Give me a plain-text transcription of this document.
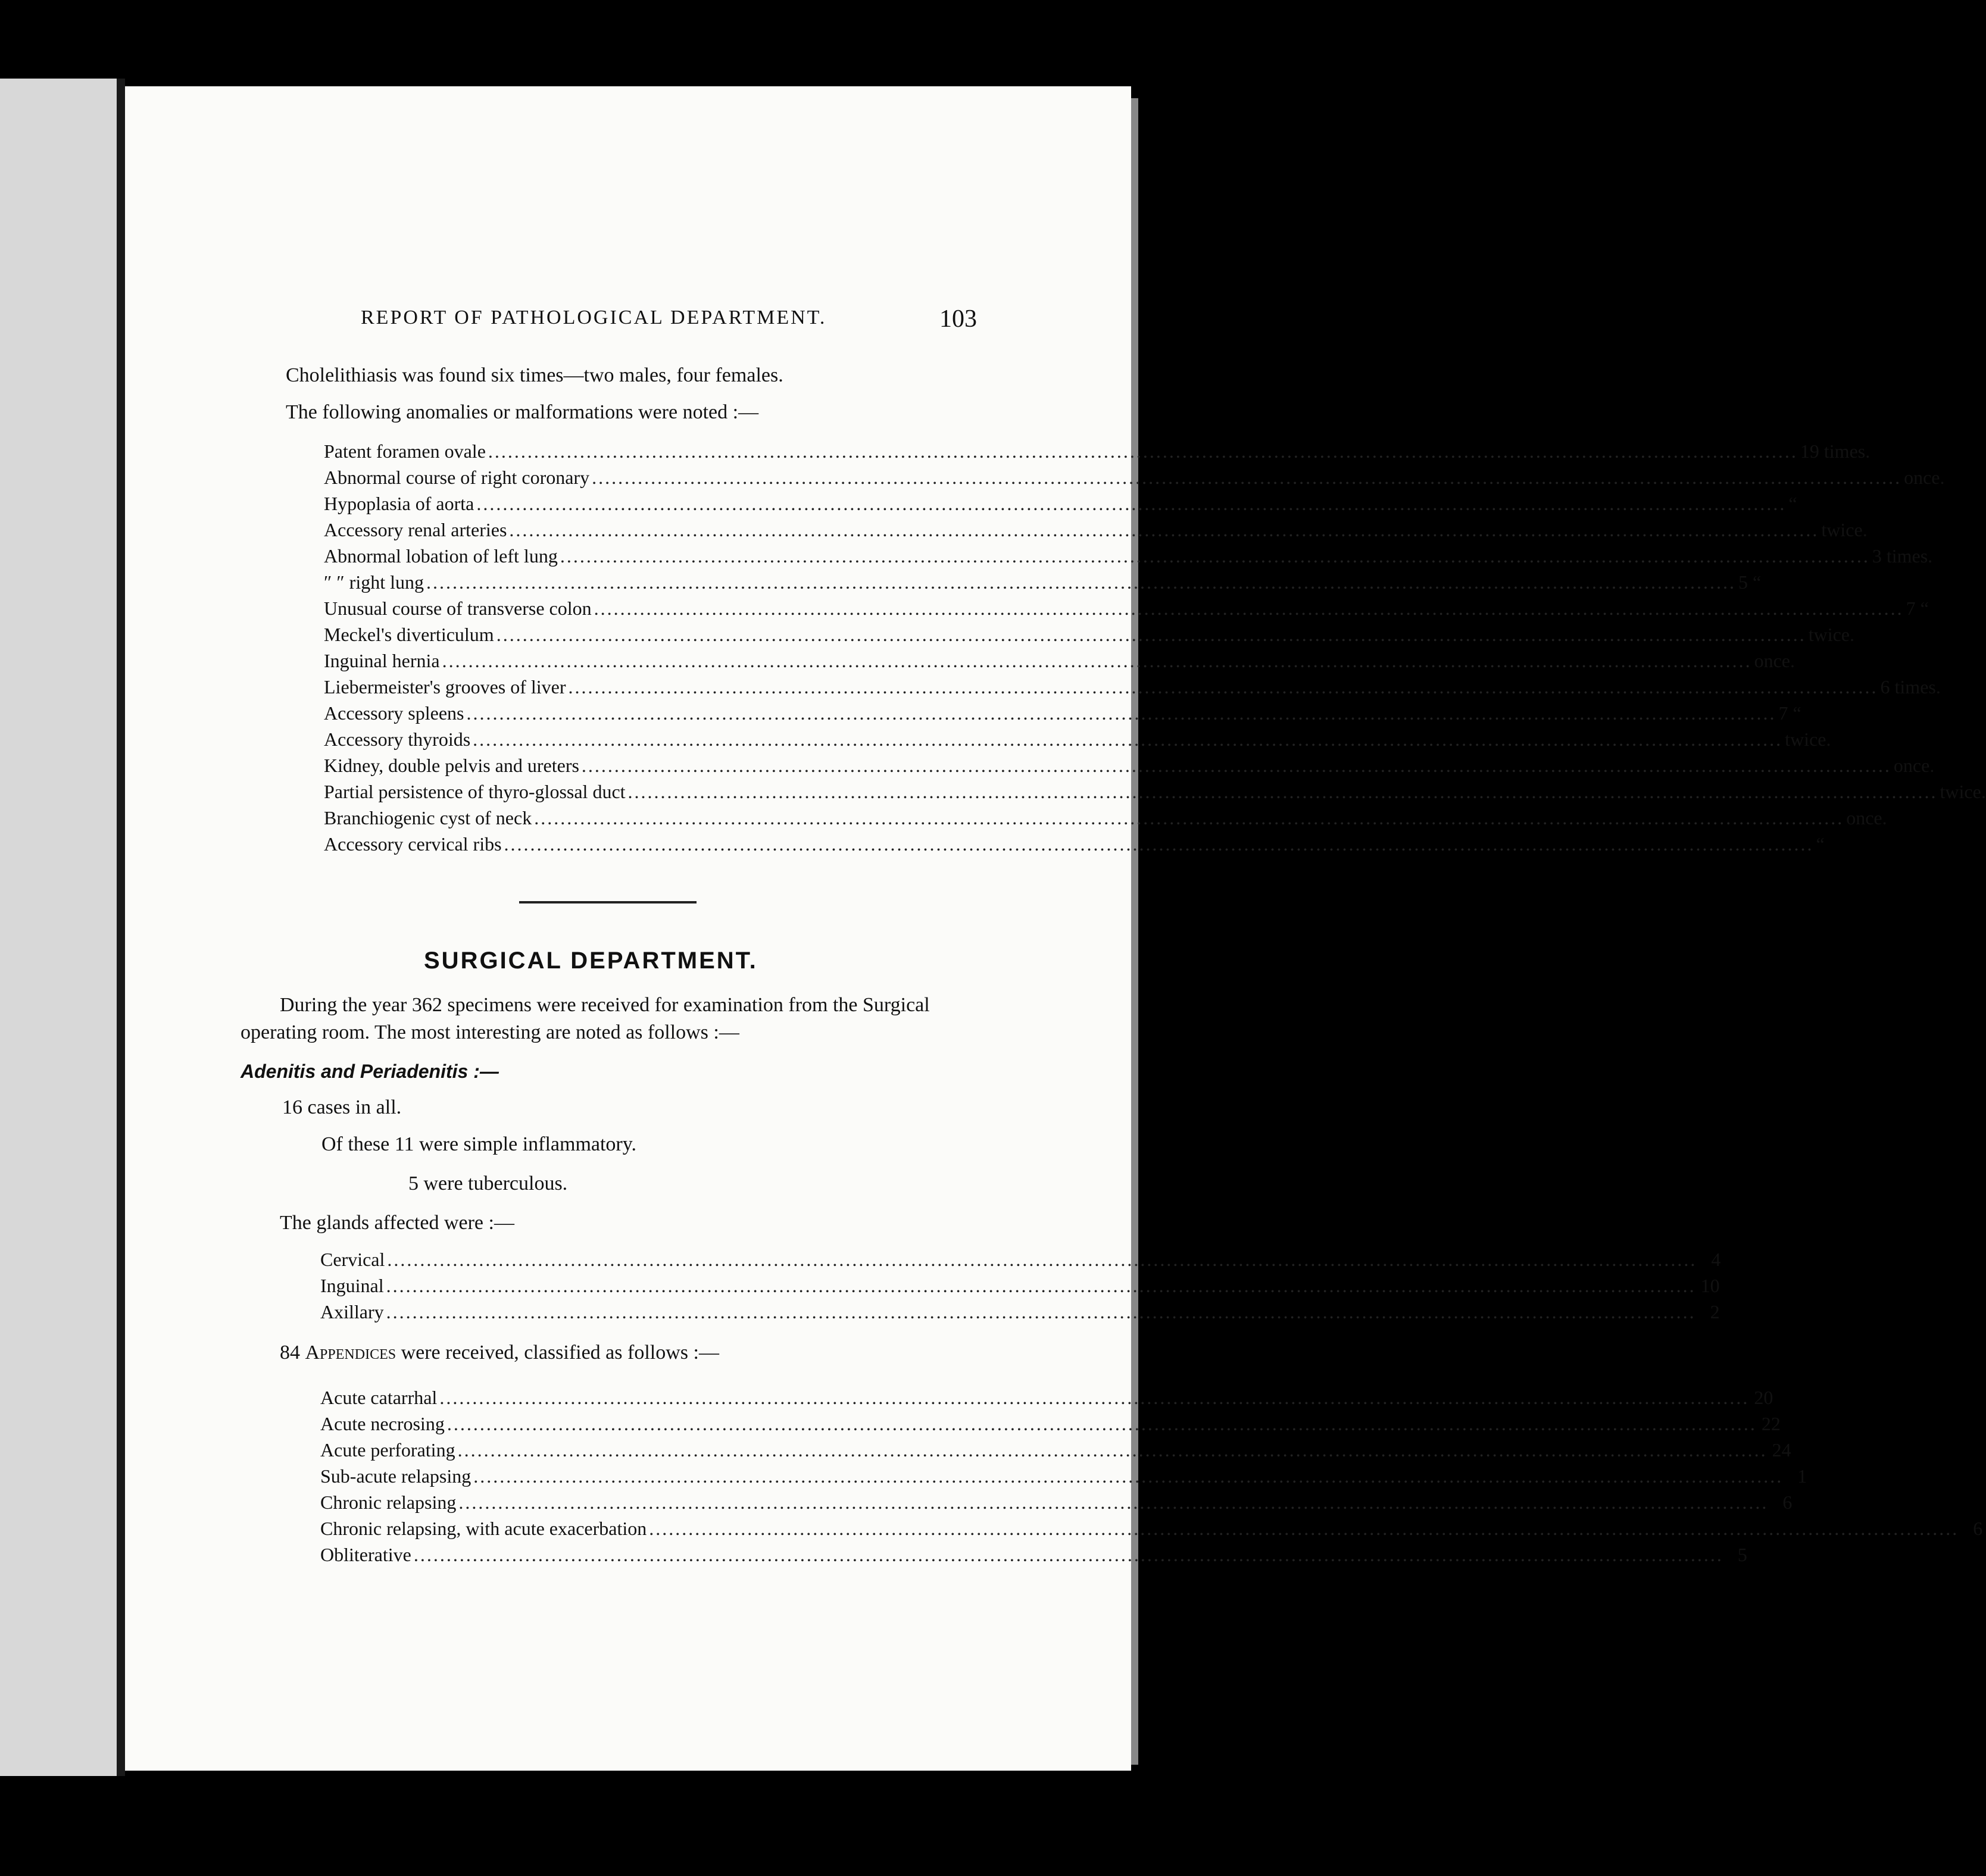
REPORT OF PATHOLOGICAL DEPARTMENT.	103
Cholelithiasis was found six times—two males, four females.
The following anomalies or malformations were noted :—
Patent foramen ovale ........................................................................................................................................................................................................ 19 times.
Abnormal course of right coronary ........................................................................................................................................................................................................ once.
Hypoplasia of aorta ........................................................................................................................................................................................................ “
Accessory renal arteries ........................................................................................................................................................................................................ twice.
Abnormal lobation of left lung ........................................................................................................................................................................................................ 3 times.
″ ″ right lung ........................................................................................................................................................................................................ 5 “
Unusual course of transverse colon ........................................................................................................................................................................................................ 7 “
Meckel's diverticulum ........................................................................................................................................................................................................ twice.
Inguinal hernia ........................................................................................................................................................................................................ once.
Liebermeister's grooves of liver ........................................................................................................................................................................................................ 6 times.
Accessory spleens ........................................................................................................................................................................................................ 7 “
Accessory thyroids ........................................................................................................................................................................................................ twice.
Kidney, double pelvis and ureters ........................................................................................................................................................................................................ once.
Partial persistence of thyro-glossal duct ........................................................................................................................................................................................................ twice.
Branchiogenic cyst of neck ........................................................................................................................................................................................................ once.
Accessory cervical ribs ........................................................................................................................................................................................................ “
SURGICAL DEPARTMENT.
During the year 362 specimens were received for examination from the Surgical
operating room. The most interesting are noted as follows :—
Adenitis and Periadenitis :—
16 cases in all.
Of these 11 were simple inflammatory.
5 were tuberculous.
The glands affected were :—
Cervical ........................................................................................................................................................................................................ 4
Inguinal ........................................................................................................................................................................................................ 10
Axillary ........................................................................................................................................................................................................ 2
84 Appendices were received, classified as follows :—
Acute catarrhal ........................................................................................................................................................................................................ 20
Acute necrosing ........................................................................................................................................................................................................ 22
Acute perforating ........................................................................................................................................................................................................ 24
Sub-acute relapsing ........................................................................................................................................................................................................ 1
Chronic relapsing ........................................................................................................................................................................................................ 6
Chronic relapsing, with acute exacerbation ........................................................................................................................................................................................................ 6
Obliterative ........................................................................................................................................................................................................ 5
